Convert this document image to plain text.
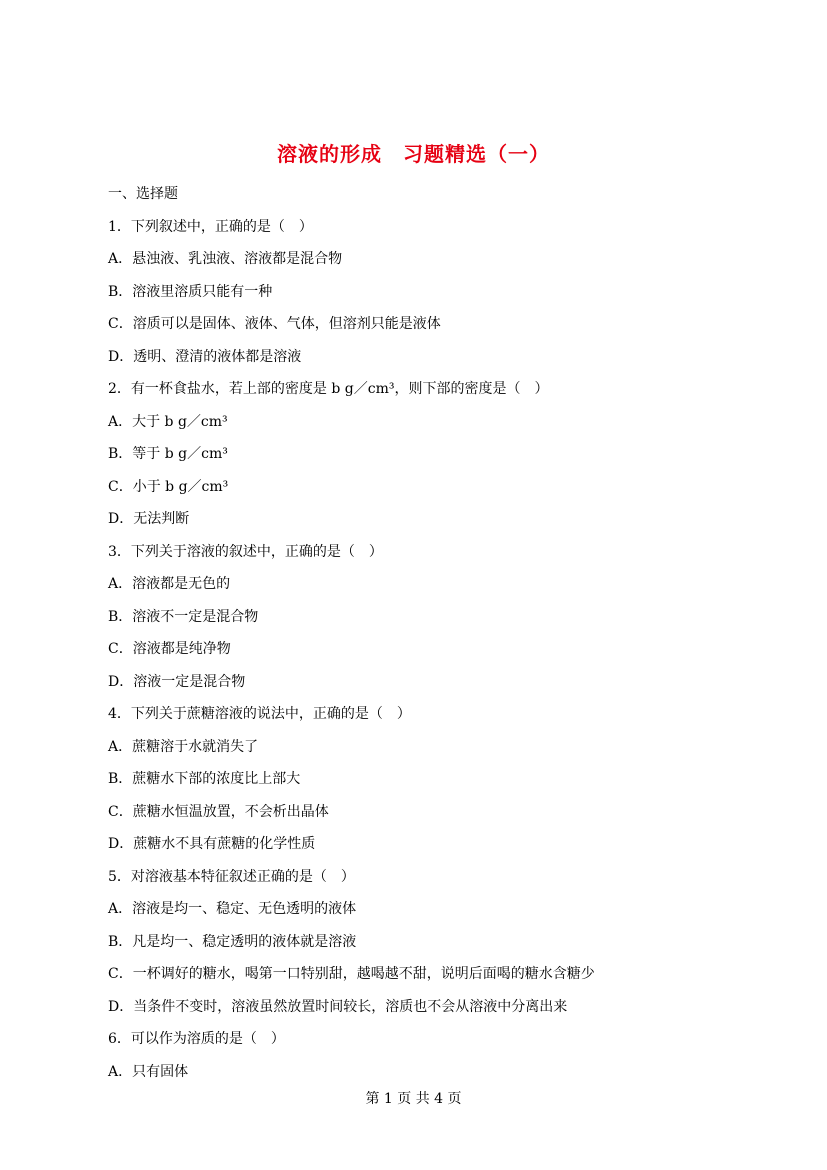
溶液的形成　习题精选（一）
一、选择题
1．下列叙述中，正确的是（　）
A．悬浊液、乳浊液、溶液都是混合物
B．溶液里溶质只能有一种
C．溶质可以是固体、液体、气体，但溶剂只能是液体
D．透明、澄清的液体都是溶液
2．有一杯食盐水，若上部的密度是 b g／cm³，则下部的密度是（　）
A．大于 b g／cm³
B．等于 b g／cm³
C．小于 b g／cm³
D．无法判断
3．下列关于溶液的叙述中，正确的是（　）
A．溶液都是无色的
B．溶液不一定是混合物
C．溶液都是纯净物
D．溶液一定是混合物
4．下列关于蔗糖溶液的说法中，正确的是（　）
A．蔗糖溶于水就消失了
B．蔗糖水下部的浓度比上部大
C．蔗糖水恒温放置，不会析出晶体
D．蔗糖水不具有蔗糖的化学性质
5．对溶液基本特征叙述正确的是（　）
A．溶液是均一、稳定、无色透明的液体
B．凡是均一、稳定透明的液体就是溶液
C．一杯调好的糖水，喝第一口特别甜，越喝越不甜，说明后面喝的糖水含糖少
D．当条件不变时，溶液虽然放置时间较长，溶质也不会从溶液中分离出来
6．可以作为溶质的是（　）
A．只有固体
第 1 页 共 4 页
